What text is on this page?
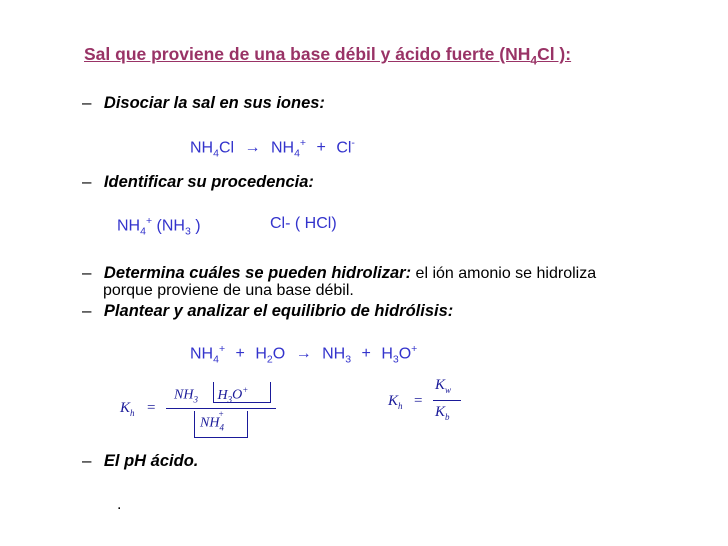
Sal que proviene de una base débil y ácido fuerte ($NH_4Cl$ ):
– Disociar la sal en sus iones:
$NH_4Cl \to NH_4^+ + Cl^-$
– Identificar su procedencia:
$NH_4^+$ ($NH_3$ )	Cl- ( HCl)
– Determina cuáles se pueden hidrolizar: el ión amonio se hidroliza
porque proviene de una base débil.
– Plantear y analizar el equilibrio de hidrólisis:
$NH_4^+ + H_2O \to NH_3 + H_3O^+$
$K_h$ =
$NH_3$ $H_3O^+$
$NH_4^+$
$K_h$ =
$K_w$
$K_b$
– El pH ácido.
.
